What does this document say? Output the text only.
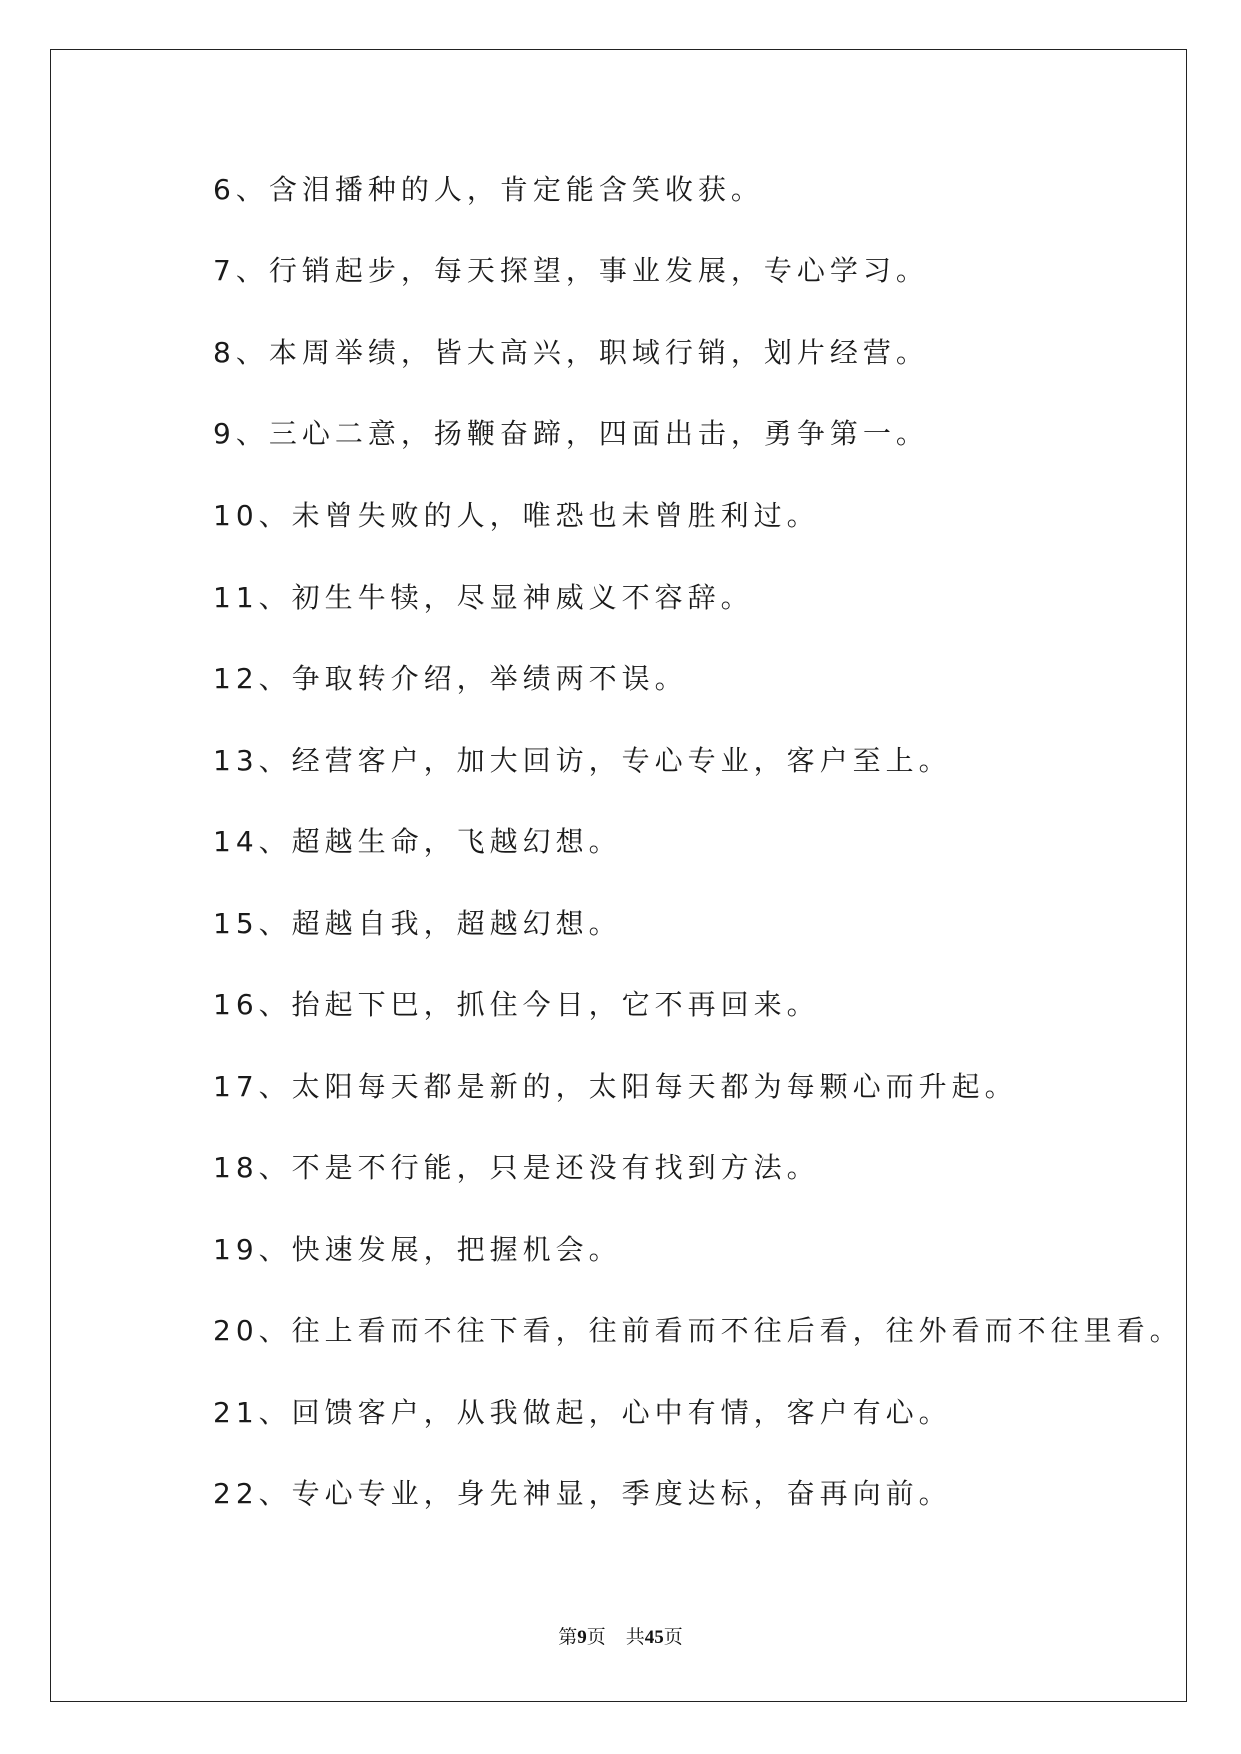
6、含泪播种的人，肯定能含笑收获。
7、行销起步，每天探望，事业发展，专心学习。
8、本周举绩，皆大高兴，职域行销，划片经营。
9、三心二意，扬鞭奋蹄，四面出击，勇争第一。
10、未曾失败的人，唯恐也未曾胜利过。
11、初生牛犊，尽显神威义不容辞。
12、争取转介绍，举绩两不误。
13、经营客户，加大回访，专心专业，客户至上。
14、超越生命，飞越幻想。
15、超越自我，超越幻想。
16、抬起下巴，抓住今日，它不再回来。
17、太阳每天都是新的，太阳每天都为每颗心而升起。
18、不是不行能，只是还没有找到方法。
19、快速发展，把握机会。
20、往上看而不往下看，往前看而不往后看，往外看而不往里看。
21、回馈客户，从我做起，心中有情，客户有心。
22、专心专业，身先神显，季度达标，奋再向前。
第9页 共45页
